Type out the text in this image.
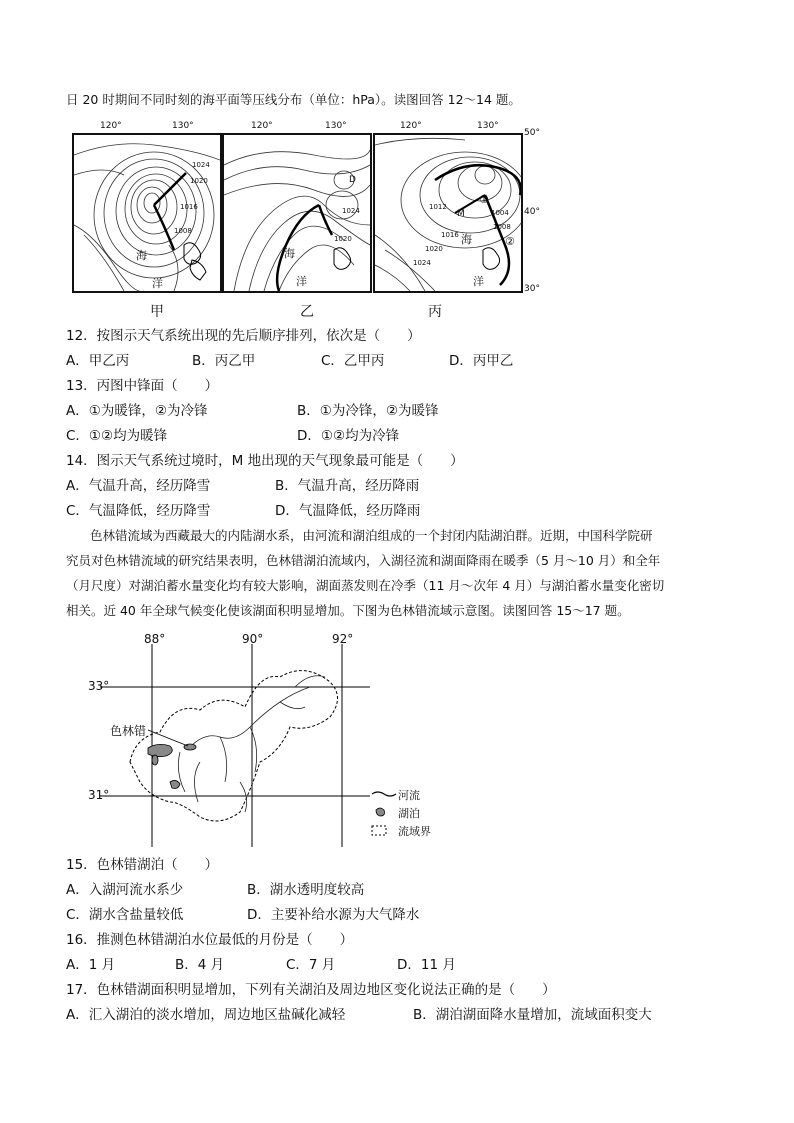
日 20 时期间不同时刻的海平面等压线分布（单位：hPa）。读图回答 12～14 题。
120°	130°	120°	130°	120°	130°
50°
40°
30°
1024
1020
1016
1008
海
洋
D
1024
1020
海
洋
①
②
M	1004
1008
1012
1016
1020
1024
海
洋
甲	乙	丙
12．按图示天气系统出现的先后顺序排列，依次是（　　）
A．甲乙丙	B．丙乙甲	C．乙甲丙	D．丙甲乙
13．丙图中锋面（　　）
A．①为暖锋，②为冷锋	B．①为冷锋，②为暖锋
C．①②均为暖锋	D．①②均为冷锋
14．图示天气系统过境时，M 地出现的天气现象最可能是（　　）
A．气温升高，经历降雪	B．气温升高，经历降雨
C．气温降低，经历降雪	D．气温降低，经历降雨
色林错流域为西藏最大的内陆湖水系，由河流和湖泊组成的一个封闭内陆湖泊群。近期，中国科学院研
究员对色林错流域的研究结果表明，色林错湖泊流域内，入湖径流和湖面降雨在暖季（5 月～10 月）和全年
（月尺度）对湖泊蓄水量变化均有较大影响，湖面蒸发则在冷季（11 月～次年 4 月）与湖泊蓄水量变化密切
相关。近 40 年全球气候变化使该湖面积明显增加。下图为色林错流域示意图。读图回答 15～17 题。
88°	90°	92°
33°
31°
色林错
河流
湖泊
流域界
15．色林错湖泊（　　）
A．入湖河流水系少	B．湖水透明度较高
C．湖水含盐量较低	D．主要补给水源为大气降水
16．推测色林错湖泊水位最低的月份是（　　）
A．1 月	B．4 月	C．7 月	D．11 月
17．色林错湖面积明显增加，下列有关湖泊及周边地区变化说法正确的是（　　）
A．汇入湖泊的淡水增加，周边地区盐碱化减轻	B．湖泊湖面降水量增加，流域面积变大
